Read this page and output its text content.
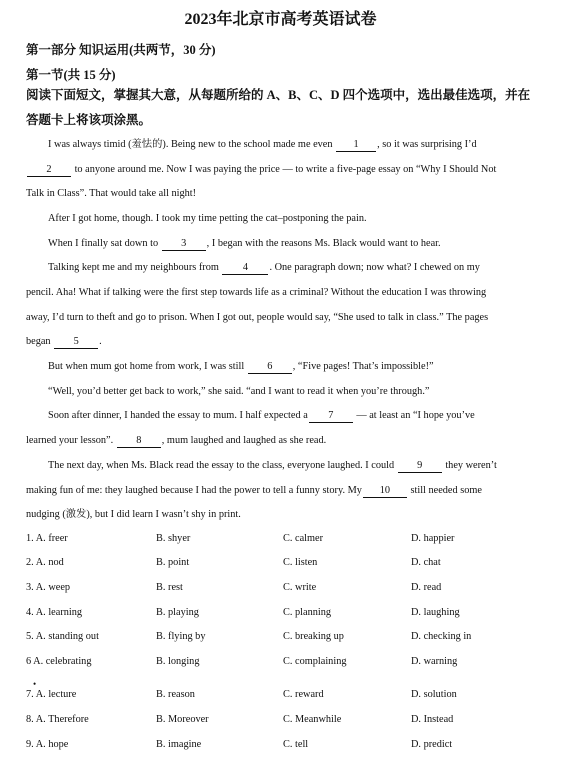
2023年北京市高考英语试卷
第一部分 知识运用(共两节，30 分)
第一节(共 15 分)
阅读下面短文，掌握其大意，从每题所给的 A、B、C、D 四个选项中，选出最佳选项，并在答题卡上将该项涂黑。
I was always timid (羞怯的). Being new to the school made me even 1 , so it was surprising I’d
2 to anyone around me. Now I was paying the price — to write a five-page essay on “Why I Should Not
Talk in Class”. That would take all night!
After I got home, though. I took my time petting the cat–postponing the pain.
When I finally sat down to 3 , I began with the reasons Ms. Black would want to hear.
Talking kept me and my neighbours from 4 . One paragraph down; now what? I chewed on my
pencil. Aha! What if talking were the first step towards life as a criminal? Without the education I was throwing
away, I’d turn to theft and go to prison. When I got out, people would say, “She used to talk in class.” The pages
began 5 .
But when mum got home from work, I was still 6 , “Five pages! That’s impossible!”
“Well, you’d better get back to work,” she said. “and I want to read it when you’re through.”
Soon after dinner, I handed the essay to mum. I half expected a 7 — at least an “I hope you’ve
learned your lesson”. 8 , mum laughed and laughed as she read.
The next day, when Ms. Black read the essay to the class, everyone laughed. I could 9 they weren’t
making fun of me: they laughed because I had the power to tell a funny story. My 10 still needed some
nudging (激发), but I did learn I wasn’t shy in print.
1. A. freer	B. shyer	C. calmer	D. happier
2. A. nod	B. point	C. listen	D. chat
3. A. weep	B. rest	C. write	D. read
4. A. learning	B. playing	C. planning	D. laughing
5. A. standing out	B. flying by	C. breaking up	D. checking in
6 A. celebrating	B. longing	C. complaining	D. warning
•
7. A. lecture	B. reason	C. reward	D. solution
8. A. Therefore	B. Moreover	C. Meanwhile	D. Instead
9. A. hope	B. imagine	C. tell	D. predict
